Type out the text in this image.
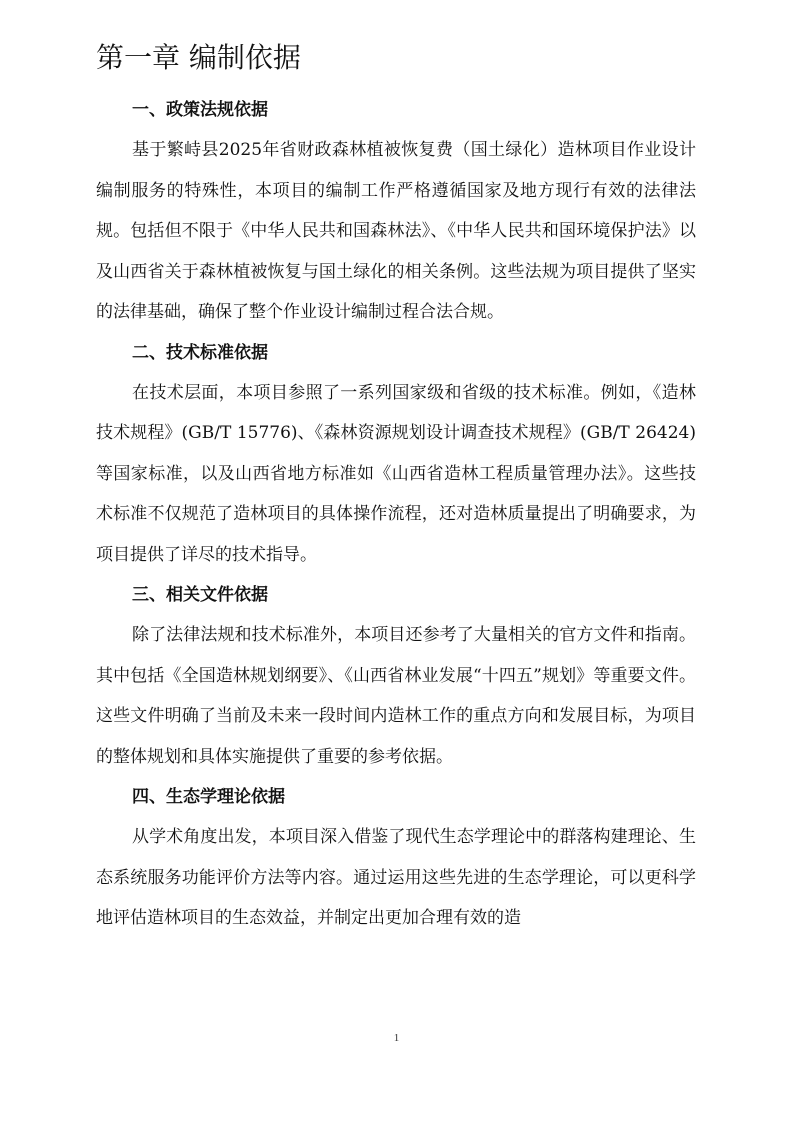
第一章 编制依据
一、政策法规依据

基于繁峙县2025年省财政森林植被恢复费（国土绿化）造林项目作业设计编制服务的特殊性，本项目的编制工作严格遵循国家及地方现行有效的法律法规。包括但不限于《中华人民共和国森林法》、《中华人民共和国环境保护法》以及山西省关于森林植被恢复与国土绿化的相关条例。这些法规为项目提供了坚实的法律基础，确保了整个作业设计编制过程合法合规。

二、技术标准依据

在技术层面，本项目参照了一系列国家级和省级的技术标准。例如，《造林技术规程》(GB/T 15776)、《森林资源规划设计调查技术规程》(GB/T 26424)等国家标准，以及山西省地方标准如《山西省造林工程质量管理办法》。这些技术标准不仅规范了造林项目的具体操作流程，还对造林质量提出了明确要求，为项目提供了详尽的技术指导。

三、相关文件依据

除了法律法规和技术标准外，本项目还参考了大量相关的官方文件和指南。其中包括《全国造林规划纲要》、《山西省林业发展“十四五”规划》等重要文件。这些文件明确了当前及未来一段时间内造林工作的重点方向和发展目标，为项目的整体规划和具体实施提供了重要的参考依据。

四、生态学理论依据

从学术角度出发，本项目深入借鉴了现代生态学理论中的群落构建理论、生态系统服务功能评价方法等内容。通过运用这些先进的生态学理论，可以更科学地评估造林项目的生态效益，并制定出更加合理有效的造

1
